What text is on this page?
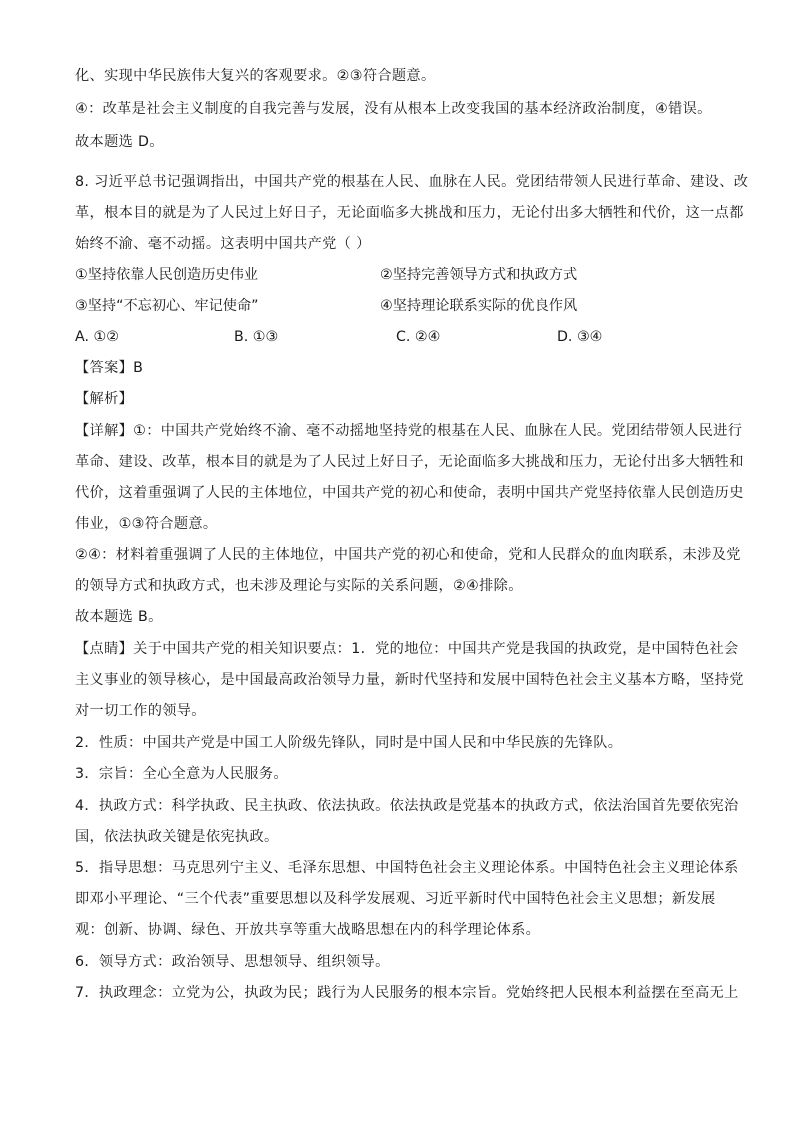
化、实现中华民族伟大复兴的客观要求。②③符合题意。
④：改革是社会主义制度的自我完善与发展，没有从根本上改变我国的基本经济政治制度，④错误。
故本题选 D。
8. 习近平总书记强调指出，中国共产党的根基在人民、血脉在人民。党团结带领人民进行革命、建设、改
革，根本目的就是为了人民过上好日子，无论面临多大挑战和压力，无论付出多大牺牲和代价，这一点都
始终不渝、毫不动摇。这表明中国共产党（ ）
①坚持依靠人民创造历史伟业	②坚持完善领导方式和执政方式
③坚持“不忘初心、牢记使命”	④坚持理论联系实际的优良作风
A. ①②	B. ①③	C. ②④	D. ③④
【答案】B
【解析】
【详解】①：中国共产党始终不渝、毫不动摇地坚持党的根基在人民、血脉在人民。党团结带领人民进行
革命、建设、改革，根本目的就是为了人民过上好日子，无论面临多大挑战和压力，无论付出多大牺牲和
代价，这着重强调了人民的主体地位，中国共产党的初心和使命，表明中国共产党坚持依靠人民创造历史
伟业，①③符合题意。
②④：材料着重强调了人民的主体地位，中国共产党的初心和使命，党和人民群众的血肉联系，未涉及党
的领导方式和执政方式，也未涉及理论与实际的关系问题，②④排除。
故本题选 B。
【点睛】关于中国共产党的相关知识要点：1．党的地位：中国共产党是我国的执政党，是中国特色社会
主义事业的领导核心，是中国最高政治领导力量，新时代坚持和发展中国特色社会主义基本方略，坚持党
对一切工作的领导。
2．性质：中国共产党是中国工人阶级先锋队，同时是中国人民和中华民族的先锋队。
3．宗旨：全心全意为人民服务。
4．执政方式：科学执政、民主执政、依法执政。依法执政是党基本的执政方式，依法治国首先要依宪治
国，依法执政关键是依宪执政。
5．指导思想：马克思列宁主义、毛泽东思想、中国特色社会主义理论体系。中国特色社会主义理论体系
即邓小平理论、“三个代表”重要思想以及科学发展观、习近平新时代中国特色社会主义思想；新发展
观：创新、协调、绿色、开放共享等重大战略思想在内的科学理论体系。
6．领导方式：政治领导、思想领导、组织领导。
7．执政理念：立党为公，执政为民；践行为人民服务的根本宗旨。党始终把人民根本利益摆在至高无上
